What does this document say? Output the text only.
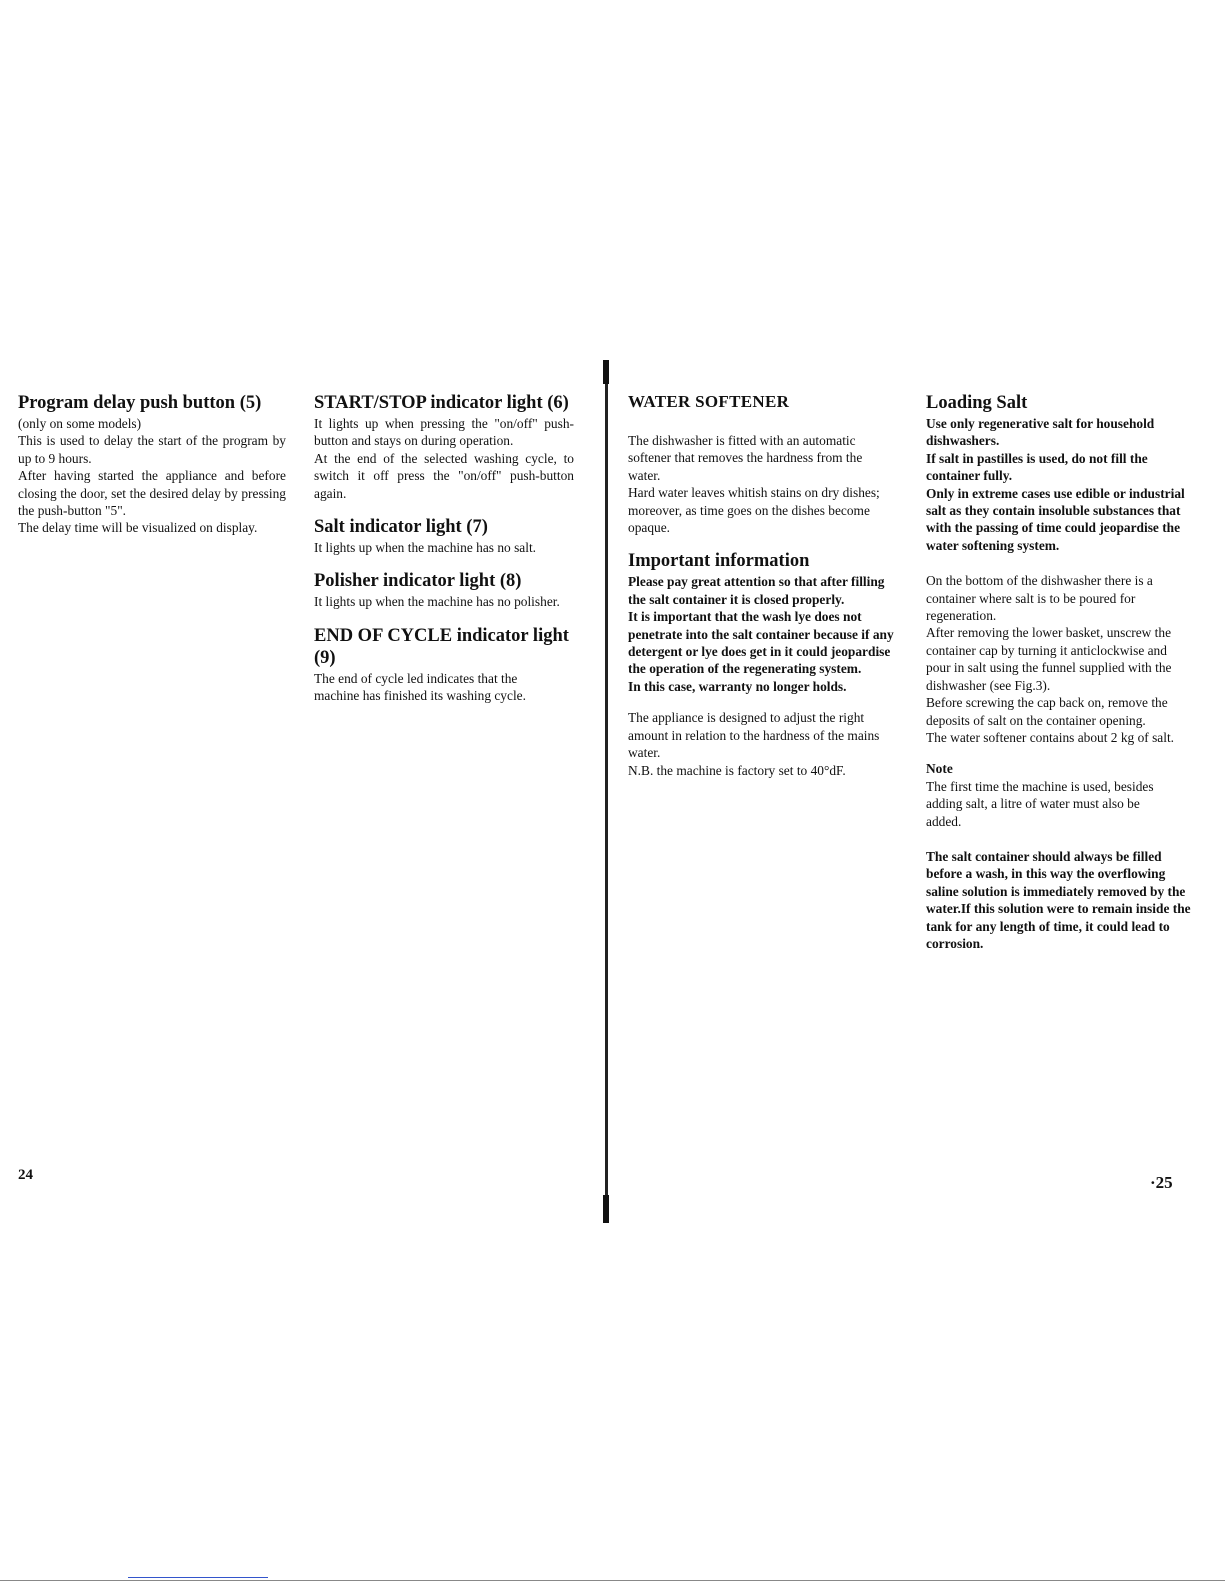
Program delay push button (5)

(only on some models)

This is used to delay the start of the program by up to 9 hours.

After having started the appliance and before closing the door, set the desired delay by pressing the push-button "5".

The delay time will be visualized on display.

START/STOP indicator light (6)

It lights up when pressing the "on/off" push-button and stays on during operation.

At the end of the selected washing cycle, to switch it off press the "on/off" push-button again.

Salt indicator light (7)

It lights up when the machine has no salt.

Polisher indicator light (8)

It lights up when the machine has no polisher.

END OF CYCLE indicator light (9)

The end of cycle led indicates that the machine has finished its washing cycle.

24
WATER SOFTENER

The dishwasher is fitted with an automatic softener that removes the hardness from the water.

Hard water leaves whitish stains on dry dishes; moreover, as time goes on the dishes become opaque.

Important information

Please pay great attention so that after filling the salt container it is closed properly.

It is important that the wash lye does not penetrate into the salt container because if any detergent or lye does get in it could jeopardise the operation of the regenerating system.

In this case, warranty no longer holds.

The appliance is designed to adjust the right amount in relation to the hardness of the mains water.

N.B. the machine is factory set to 40°dF.

Loading Salt

Use only regenerative salt for household dishwashers.

If salt in pastilles is used, do not fill the container fully.

Only in extreme cases use edible or industrial salt as they contain insoluble substances that with the passing of time could jeopardise the water softening system.

On the bottom of the dishwasher there is a container where salt is to be poured for regeneration.

After removing the lower basket, unscrew the container cap by turning it anticlockwise and pour in salt using the funnel supplied with the dishwasher (see Fig.3).

Before screwing the cap back on, remove the deposits of salt on the container opening.

The water softener contains about 2 kg of salt.

Note

The first time the machine is used, besides adding salt, a litre of water must also be added.

The salt container should always be filled before a wash, in this way the overflowing saline solution is immediately removed by the water.If this solution were to remain inside the tank for any length of time, it could lead to corrosion.

·25
